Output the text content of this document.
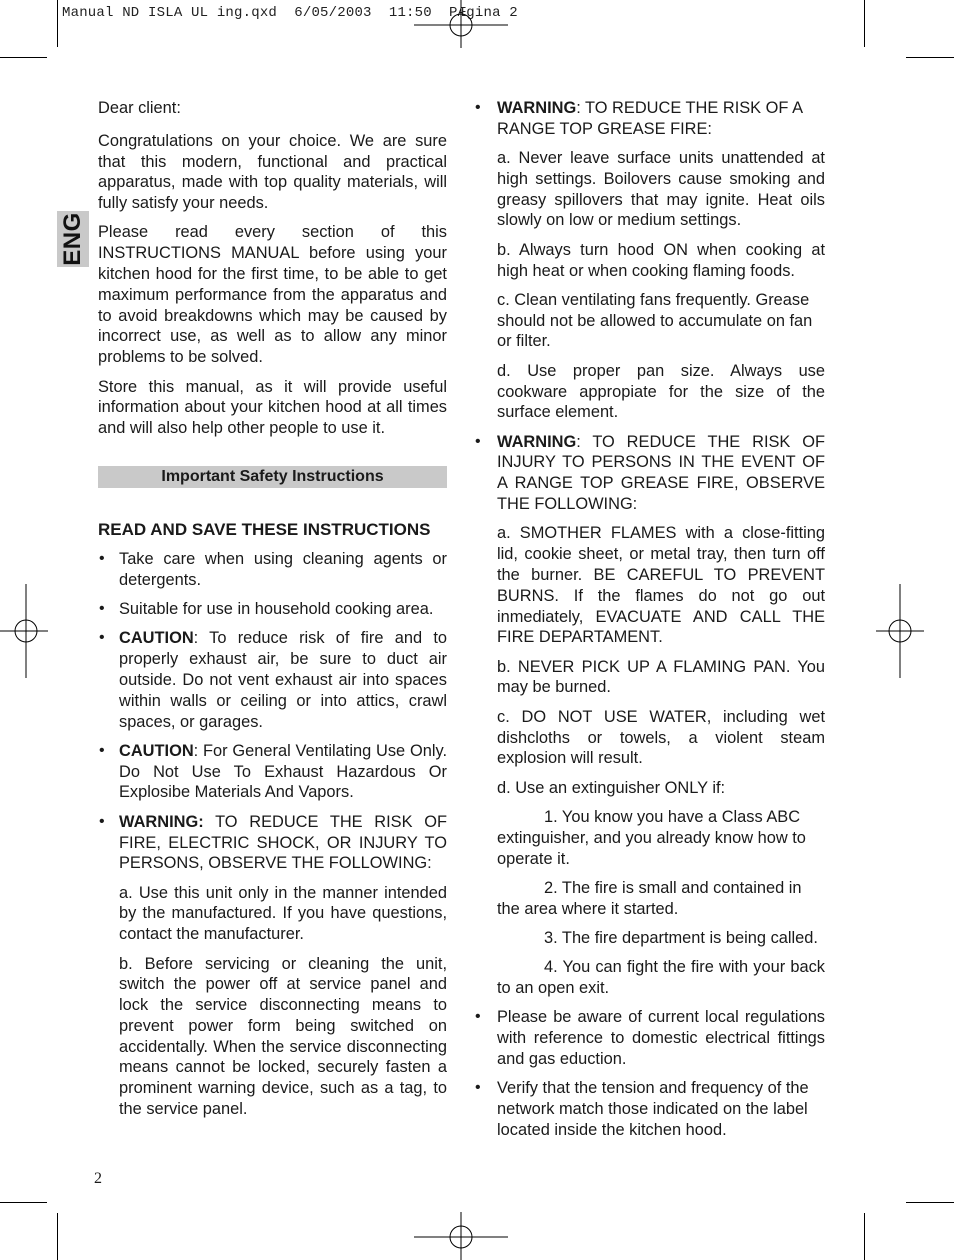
Manual ND ISLA UL ing.qxd  6/05/2003  11:50  PÆgina 2
ENG

Dear client:

Congratulations on your choice. We are sure that this modern, functional and practical apparatus, made with top quality materials, will fully satisfy your needs.

Please read every section of this INSTRUCTIONS MANUAL before using your kitchen hood for the first time, to be able to get maximum performance from the apparatus and to avoid breakdowns which may be caused by incorrect use, as well as to allow any minor problems to be solved.

Store this manual, as it will provide useful information about your kitchen hood at all times and will also help other people to use it.

Important Safety Instructions
READ AND SAVE THESE INSTRUCTIONS
• Take care when using cleaning agents or detergents.
• Suitable for use in household cooking area.
• CAUTION: To reduce risk of fire and to properly exhaust air, be sure to duct air outside. Do not vent exhaust air into spaces within walls or ceiling or into attics, crawl spaces, or garages.
• CAUTION: For General Ventilating Use Only. Do Not Use To Exhaust Hazardous Or Explosibe Materials And Vapors.
• WARNING: TO REDUCE THE RISK OF FIRE, ELECTRIC SHOCK, OR INJURY TO PERSONS, OBSERVE THE FOLLOWING:

a. Use this unit only in the manner intended by the manufactured. If you have questions, contact the manufacturer.

b. Before servicing or cleaning the unit, switch the power off at service panel and lock the service disconnecting means to prevent power form being switched on accidentally. When the service disconnecting means cannot be locked, securely fasten a prominent warning device, such as a tag, to the service panel.

• WARNING: TO REDUCE THE RISK OF A RANGE TOP GREASE FIRE:

a. Never leave surface units unattended at high settings. Boilovers cause smoking and greasy spillovers that may ignite. Heat oils slowly on low or medium settings.

b. Always turn hood ON when cooking at high heat or when cooking flaming foods.

c. Clean ventilating fans frequently. Grease should not be allowed to accumulate on fan or filter.

d. Use proper pan size. Always use cookware appropiate for the size of the surface element.

• WARNING: TO REDUCE THE RISK OF INJURY TO PERSONS IN THE EVENT OF A RANGE TOP GREASE FIRE, OBSERVE THE FOLLOWING:

a. SMOTHER FLAMES with a close-fitting lid, cookie sheet, or metal tray, then turn off the burner. BE CAREFUL TO PREVENT BURNS. If the flames do not go out inmediately, EVACUATE AND CALL THE FIRE DEPARTAMENT.

b. NEVER PICK UP A FLAMING PAN. You may be burned.

c. DO NOT USE WATER, including wet dishcloths or towels, a violent steam explosion will result.

d. Use an extinguisher ONLY if:

1. You know you have a Class ABC extinguisher, and you already know how to operate it.

2. The fire is small and contained in the area where it started.

3. The fire department is being called.

4. You can fight the fire with your back to an open exit.

• Please be aware of current local regulations with reference to domestic electrical fittings and gas eduction.
• Verify that the tension and frequency of the network match those indicated on the label located inside the kitchen hood.
2
